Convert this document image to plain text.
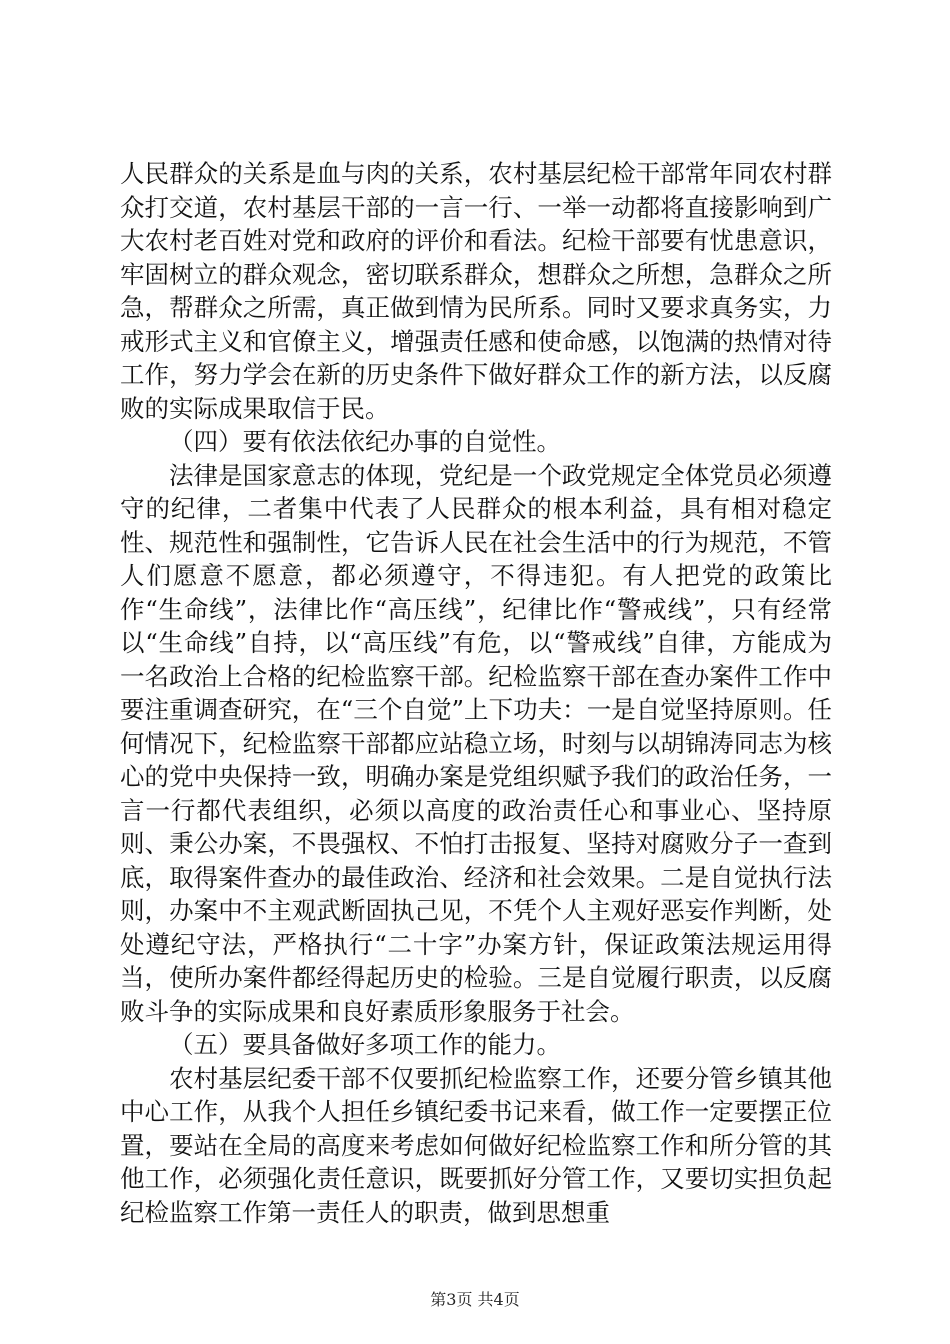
人民群众的关系是血与肉的关系，农村基层纪检干部常年同农村群众打交道，农村基层干部的一言一行、一举一动都将直接影响到广大农村老百姓对党和政府的评价和看法。纪检干部要有忧患意识，牢固树立的群众观念，密切联系群众，想群众之所想，急群众之所急，帮群众之所需，真正做到情为民所系。同时又要求真务实，力戒形式主义和官僚主义，增强责任感和使命感，以饱满的热情对待工作，努力学会在新的历史条件下做好群众工作的新方法，以反腐败的实际成果取信于民。

（四）要有依法依纪办事的自觉性。

法律是国家意志的体现，党纪是一个政党规定全体党员必须遵守的纪律，二者集中代表了人民群众的根本利益，具有相对稳定性、规范性和强制性，它告诉人民在社会生活中的行为规范，不管人们愿意不愿意，都必须遵守，不得违犯。有人把党的政策比作“生命线”，法律比作“高压线”，纪律比作“警戒线”，只有经常以“生命线”自持，以“高压线”有危，以“警戒线”自律，方能成为一名政治上合格的纪检监察干部。纪检监察干部在查办案件工作中要注重调查研究，在“三个自觉”上下功夫：一是自觉坚持原则。任何情况下，纪检监察干部都应站稳立场，时刻与以胡锦涛同志为核心的党中央保持一致，明确办案是党组织赋予我们的政治任务，一言一行都代表组织，必须以高度的政治责任心和事业心、坚持原则、秉公办案，不畏强权、不怕打击报复、坚持对腐败分子一查到底，取得案件查办的最佳政治、经济和社会效果。二是自觉执行法则，办案中不主观武断固执己见，不凭个人主观好恶妄作判断，处处遵纪守法，严格执行“二十字”办案方针，保证政策法规运用得当，使所办案件都经得起历史的检验。三是自觉履行职责，以反腐败斗争的实际成果和良好素质形象服务于社会。

（五）要具备做好多项工作的能力。

农村基层纪委干部不仅要抓纪检监察工作，还要分管乡镇其他中心工作，从我个人担任乡镇纪委书记来看，做工作一定要摆正位置，要站在全局的高度来考虑如何做好纪检监察工作和所分管的其他工作，必须强化责任意识，既要抓好分管工作，又要切实担负起纪检监察工作第一责任人的职责，做到思想重

第3页 共4页
